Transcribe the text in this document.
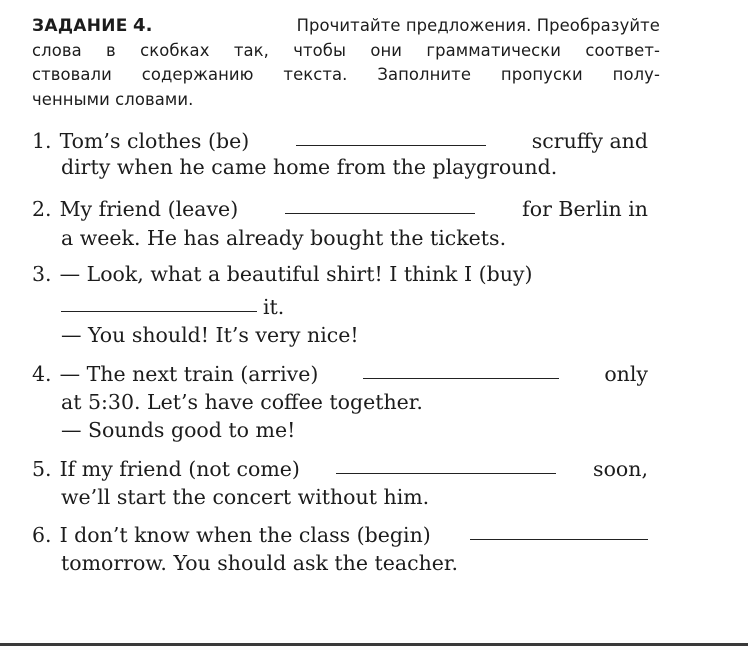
ЗАДАНИЕ 4.	Прочитайте предложения. Преобразуйте
слова в скобках так, чтобы они грамматически соответ-
ствовали содержанию текста. Заполните пропуски полу-
ченными словами.
1. Tom’s clothes (be)	scruffy and
dirty when he came home from the playground.
2. My friend (leave)	for Berlin in
a week. He has already bought the tickets.
3. — Look, what a beautiful shirt! I think I (buy)
it.
— You should! It’s very nice!
4. — The next train (arrive)	only
at 5:30. Let’s have coffee together.
— Sounds good to me!
5. If my friend (not come)	soon,
we’ll start the concert without him.
6. I don’t know when the class (begin)
tomorrow. You should ask the teacher.
